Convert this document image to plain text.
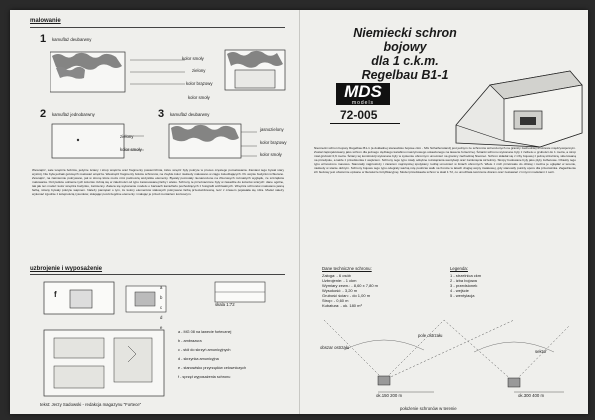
malowanie
1 kamuflaż deubarwny
kolor smoły
zielony
kolor brązowy
kolor smoły
2 kamuflaż jednobarwny
zielony
kolor smoły
3 kamuflaż deubarwny
jasnozielony
kolor brązowy
kolor smoły
Wewnątrz, sale wnętrza bobrów, jedynie ściany i strop wnętrza oraz fragmenty powierzchnia, które wnętrz były pokryte w proces częstego pomalowania. Zamiast tego bywał stary wystrój. Nie była jednak gotowych malowań wnętrza. Wewnątrz fragmenty boków schronów, na zwykle kolor niekiedy malowano w ciągu zwiedzających. Po wojnie budynki rozbierano. Zewnątrz, na zaimiennie pokrywano, jak w stronę które może nimi podnoszą wszystkie elementy. Bywały pozostały nienaruszone na zbiorowych rozmaitych wyglądu, ze szczątków malowania. Oczywiście odcienie tych kolorów różnią się w zależności od typu zastosowanej farby i wieku. Schrony te przeznaczone były w zasadzie do kolorów szarych: dane ogólne, tak jak ten model: kolor wnętrza budynku, zaimienny. Zaleca się wykonanie modelu o barwach kamuflażu pochodzących z fotografii archiwalnych. Wnętrza schronów malowano jasną farbą, ściany bywały pokryte wapnem. Należy pamiętać o tym, że kolory elementów stalowych pokrywano farbą przeciwrdzewną, lecz z czasem pojawiała się rdza. Model należy wykonać zgodnie z kolejnością rysunków, sklejając poszczególne elementy i malując je przed montażem końcowym.
uzbrojenie i wyposażenie
f
a
b
c
d
e
skala 1:72
a - MG 08 na lawecie fortecznej
b - ambrazura
c - stół do skrzyń amunicyjnych
d - skrzynka amunicyjna
e - stanowisko przyrządów celowniczych
f - sprzęt wyposażenia schronu
tekst: Jerzy Sadowski - redakcja magazynu "Fortece"
Niemiecki schron bojowy
dla 1 c.k.m.
Regelbau B1-1
MDS
models
72-005
Niemiecki schron bojowy Regelbau B1-1 (a dokładnej stanowisko bojowe ckm - MG Scharfenstand) jest jednym ze schronów wznoszonych na granicy zachodniej w okresie międzywojennym. Został zaprojektowany jako schron dla jednego ciężkiego karabinu maszynowego ustawionego na lawecie fortecznej. Ścianki schronu wykonane były z żelbetu o grubości do 1 metra, a strop miał grubość 0,6 metra. Ściany tej konstrukcji wykonane były w systemie obronnym umocnień na granicy zachodniej Niemiec. Schron składał się z izby bojowej z jedną strzelnicą, skierowaną na przedpole, a także z przedsionka z wejściem. Schrony tego typu miały odrębne rozwiązania wentylacji oraz zamknięcia strzelnicy. Stropy budowane były jako płyty żelbetowe. Obiekty tego typu wznoszono masowo. Stanowiły najprostszy i zarazem najczęściej spotykany rodzaj umocnień w liniach obronnych. Wiele z nich przetrwało do dzisiaj i można je oglądać w terenie, niekiedy w stanie dobrym. Schrony bojowe tego typu odegrały ważną rolę podczas walk na froncie w latach drugiej wojny światowej, gdy stanowiły punkty oporu dla przeciwnika. Zagadnienie ich budowy jest obszernie opisane w literaturze fortyfikacyjnej. Model przedstawia schron w skali 1:72, co umożliwia tworzenie dioram oraz zestawień z innymi modelami z serii.
Dane techniczne schronu:
Załoga: - 6 osób
Uzbrojenie: - 1 ckm
Wymiary zewn.: - 8,60 x 7,80 m
Wysokość: - 3,20 m
Grubość ścian: - do 1,00 m
Strop: - 0,60 m
Kubatura: - ok. 180 m³
Legenda:
1 - strzelnica ckm
2 - izba bojowa
3 - przedsionek
4 - wejście
5 - wentylacja
obszar ostrzału
pole ostrzału
sektor
ok.150 200 m	ok.300 400 m
położenie schronów w terenie
